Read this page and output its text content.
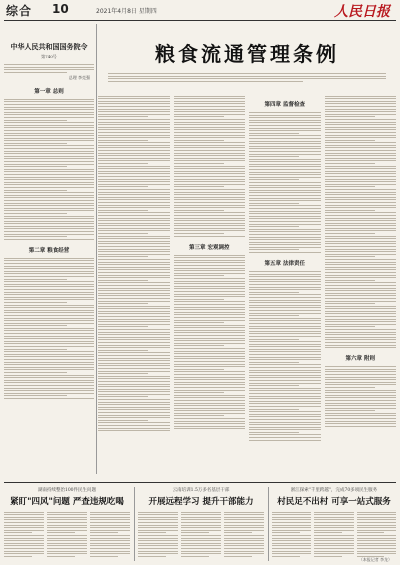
综合 10	2021年4月8日 星期四	人民日报
中华人民共和国国务院令
第740号
总理 李克强
第一章 总则
第二章 粮食经营
粮食流通管理条例
第三章 宏观调控
第四章 监督检查
第五章 法律责任
第六章 附则
湖南持续整治100件民生问题
紧盯"四风"问题 严查违规吃喝
云南培训1.5万多名基层干部
开展远程学习 提升干部能力
浙江探索"千里跨越"，完成70多项民生服务
村民足不出村 可享一站式服务
（本报记者 李龙）
